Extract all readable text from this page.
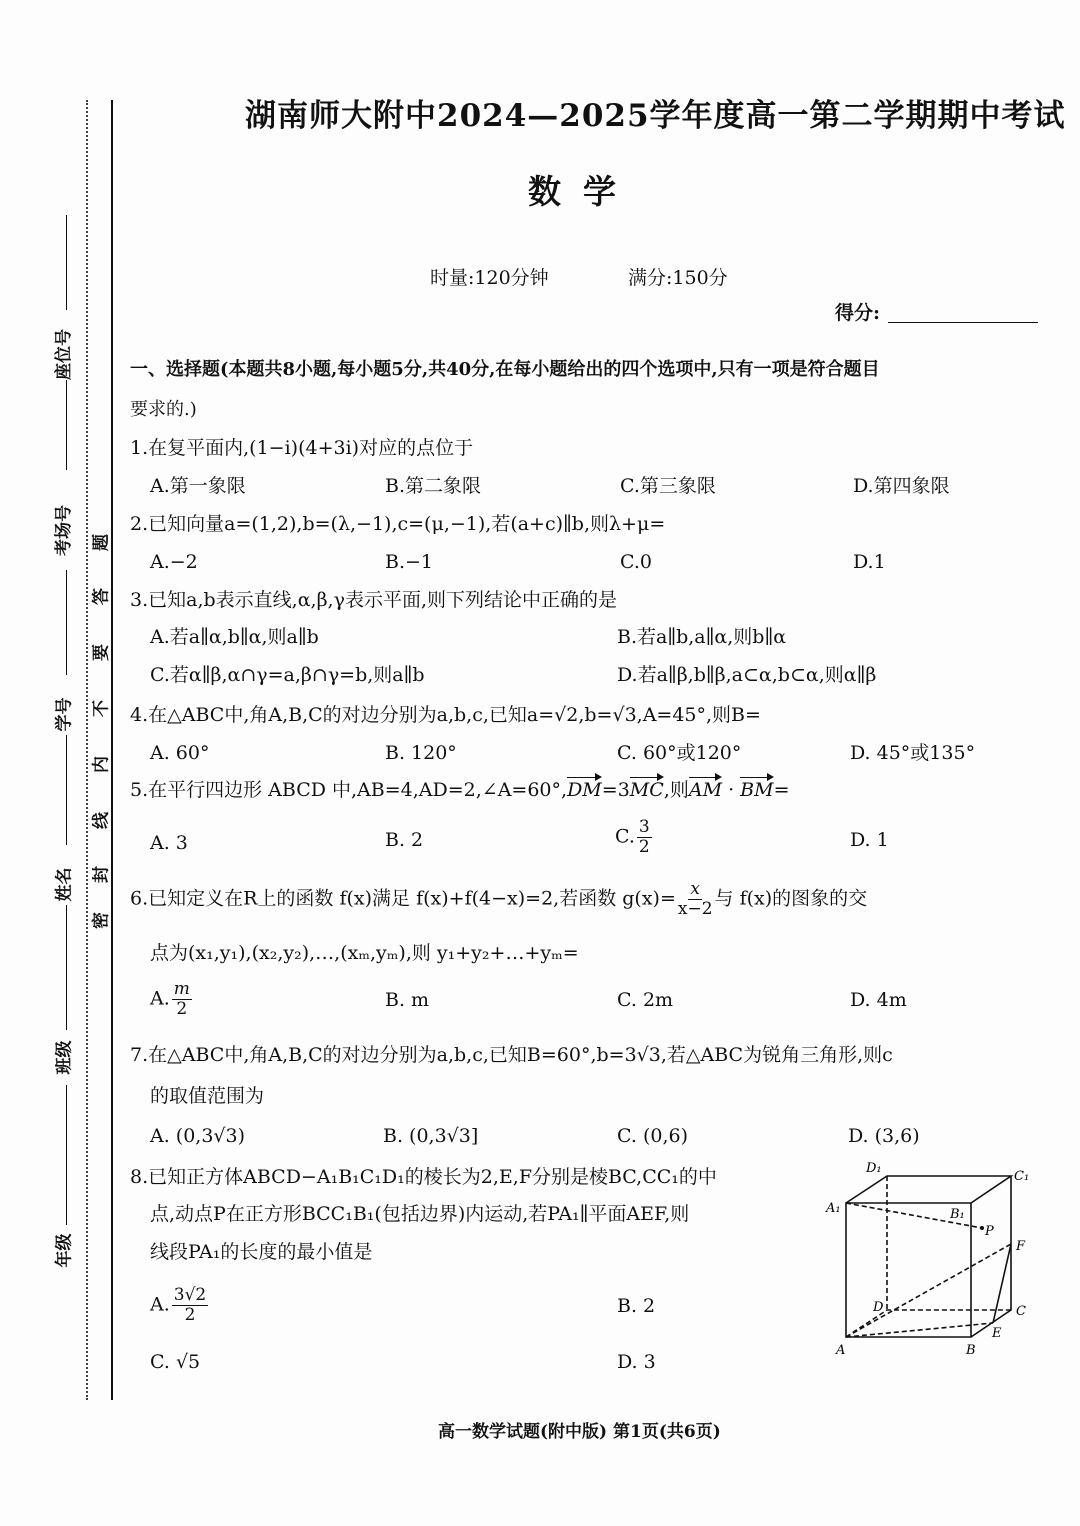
座位号
考场号
学号
姓名
班级
年级
密
封
线
内
不
要
答
题
湖南师大附中2024—2025学年度高一第二学期期中考试
数学
时量:120分钟	满分:150分
得分:
一、选择题(本题共8小题,每小题5分,共40分,在每小题给出的四个选项中,只有一项是符合题目
要求的.)
1.在复平面内,(1−i)(4+3i)对应的点位于
A.第一象限	B.第二象限	C.第三象限	D.第四象限
2.已知向量a=(1,2),b=(λ,−1),c=(μ,−1),若(a+c)∥b,则λ+μ=
A.−2	B.−1	C.0	D.1
3.已知a,b表示直线,α,β,γ表示平面,则下列结论中正确的是
A.若a∥α,b∥α,则a∥b	B.若a∥b,a∥α,则b∥α
C.若α∥β,α∩γ=a,β∩γ=b,则a∥b	D.若a∥β,b∥β,a⊂α,b⊂α,则α∥β
4.在△ABC中,角A,B,C的对边分别为a,b,c,已知a=√2,b=√3,A=45°,则B=
A. 60°	B. 120°	C. 60°或120°	D. 45°或135°
5.在平行四边形 ABCD 中,AB=4,AD=2,∠A=60°,DM=3MC,则AM · BM=
A. 3	B. 2	C. $\frac{3}{2}$	D. 1
6.已知定义在R上的函数 f(x)满足 f(x)+f(4−x)=2,若函数 $g(x)= \frac{x}{x-2}$ 与 f(x)的图象的交
点为(x₁,y₁),(x₂,y₂),…,(xₘ,yₘ),则 y₁+y₂+…+yₘ=
A. $\frac{m}{2}$	B. m	C. 2m	D. 4m
7.在△ABC中,角A,B,C的对边分别为a,b,c,已知B=60°,b=3√3,若△ABC为锐角三角形,则c
的取值范围为
A. (0,3√3)	B. (0,3√3]	C. (0,6)	D. (3,6)
8.已知正方体ABCD−A₁B₁C₁D₁的棱长为2,E,F分别是棱BC,CC₁的中
点,动点P在正方形BCC₁B₁(包括边界)内运动,若PA₁∥平面AEF,则
线段PA₁的长度的最小值是
A. $\frac{3√2}{2}$	B. 2
C. √5	D. 3
A	B
C
D
E
F
P
A₁	B₁
C₁
D₁
高一数学试题(附中版) 第1页(共6页)
